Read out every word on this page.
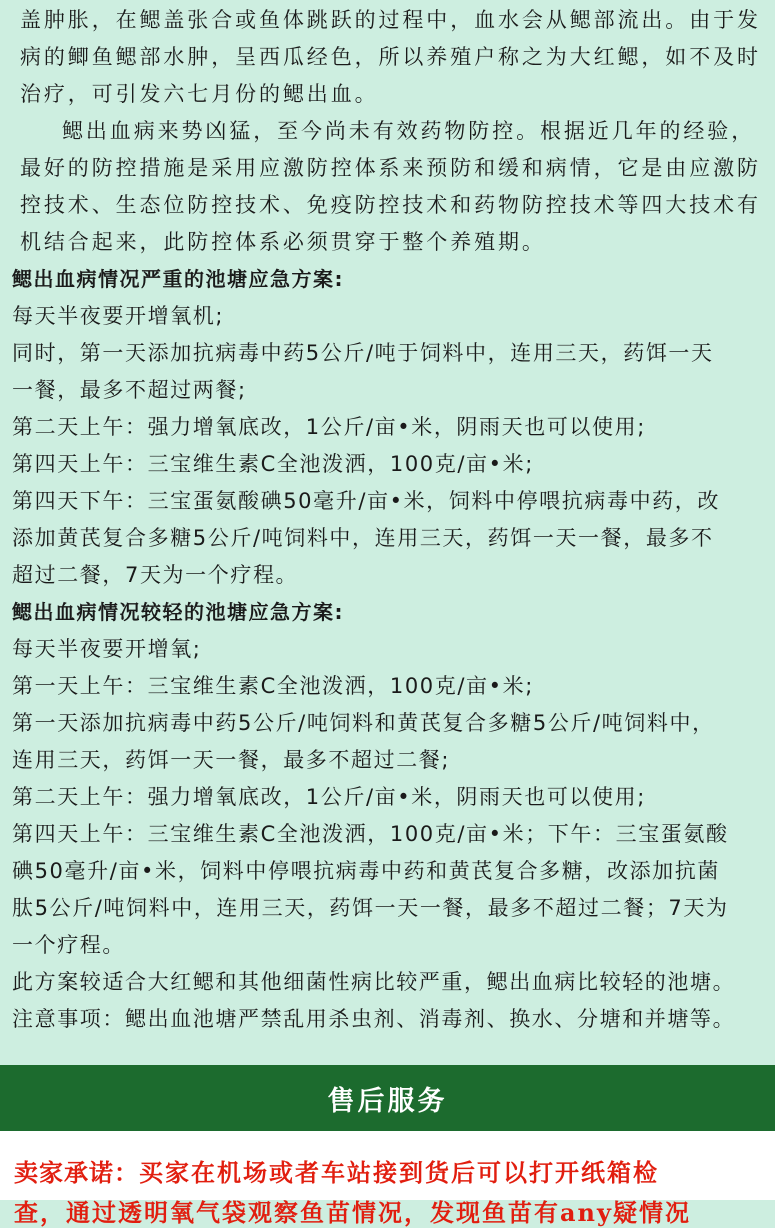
盖肿胀，在鳃盖张合或鱼体跳跃的过程中，血水会从鳃部流出。由于发

病的鲫鱼鳃部水肿，呈西瓜经色，所以养殖户称之为大红鳃，如不及时

治疗，可引发六七月份的鳃出血。

鳃出血病来势凶猛，至今尚未有效药物防控。根据近几年的经验，

最好的防控措施是采用应激防控体系来预防和缓和病情，它是由应激防

控技术、生态位防控技术、免疫防控技术和药物防控技术等四大技术有

机结合起来，此防控体系必须贯穿于整个养殖期。

鳃出血病情况严重的池塘应急方案:

每天半夜要开增氧机;

同时，第一天添加抗病毒中药5公斤/吨于饲料中，连用三天，药饵一天

一餐，最多不超过两餐;

第二天上午：强力增氧底改，1公斤/亩•米，阴雨天也可以使用;

第四天上午：三宝维生素C全池泼洒，100克/亩•米;

第四天下午：三宝蛋氨酸碘50毫升/亩•米，饲料中停喂抗病毒中药，改

添加黄芪复合多糖5公斤/吨饲料中，连用三天，药饵一天一餐，最多不

超过二餐，7天为一个疗程。

鳃出血病情况较轻的池塘应急方案:

每天半夜要开增氧;

第一天上午：三宝维生素C全池泼洒，100克/亩•米;

第一天添加抗病毒中药5公斤/吨饲料和黄芪复合多糖5公斤/吨饲料中，

连用三天，药饵一天一餐，最多不超过二餐;

第二天上午：强力增氧底改，1公斤/亩•米，阴雨天也可以使用;

第四天上午：三宝维生素C全池泼洒，100克/亩•米；下午：三宝蛋氨酸

碘50毫升/亩•米，饲料中停喂抗病毒中药和黄芪复合多糖，改添加抗菌

肽5公斤/吨饲料中，连用三天，药饵一天一餐，最多不超过二餐；7天为

一个疗程。

此方案较适合大红鳃和其他细菌性病比较严重，鳃出血病比较轻的池塘。

注意事项：鳃出血池塘严禁乱用杀虫剂、消毒剂、换水、分塘和并塘等。

售后服务
卖家承诺：买家在机场或者车站接到货后可以打开纸箱检
查，通过透明氧气袋观察鱼苗情况，发现鱼苗有any疑情况
